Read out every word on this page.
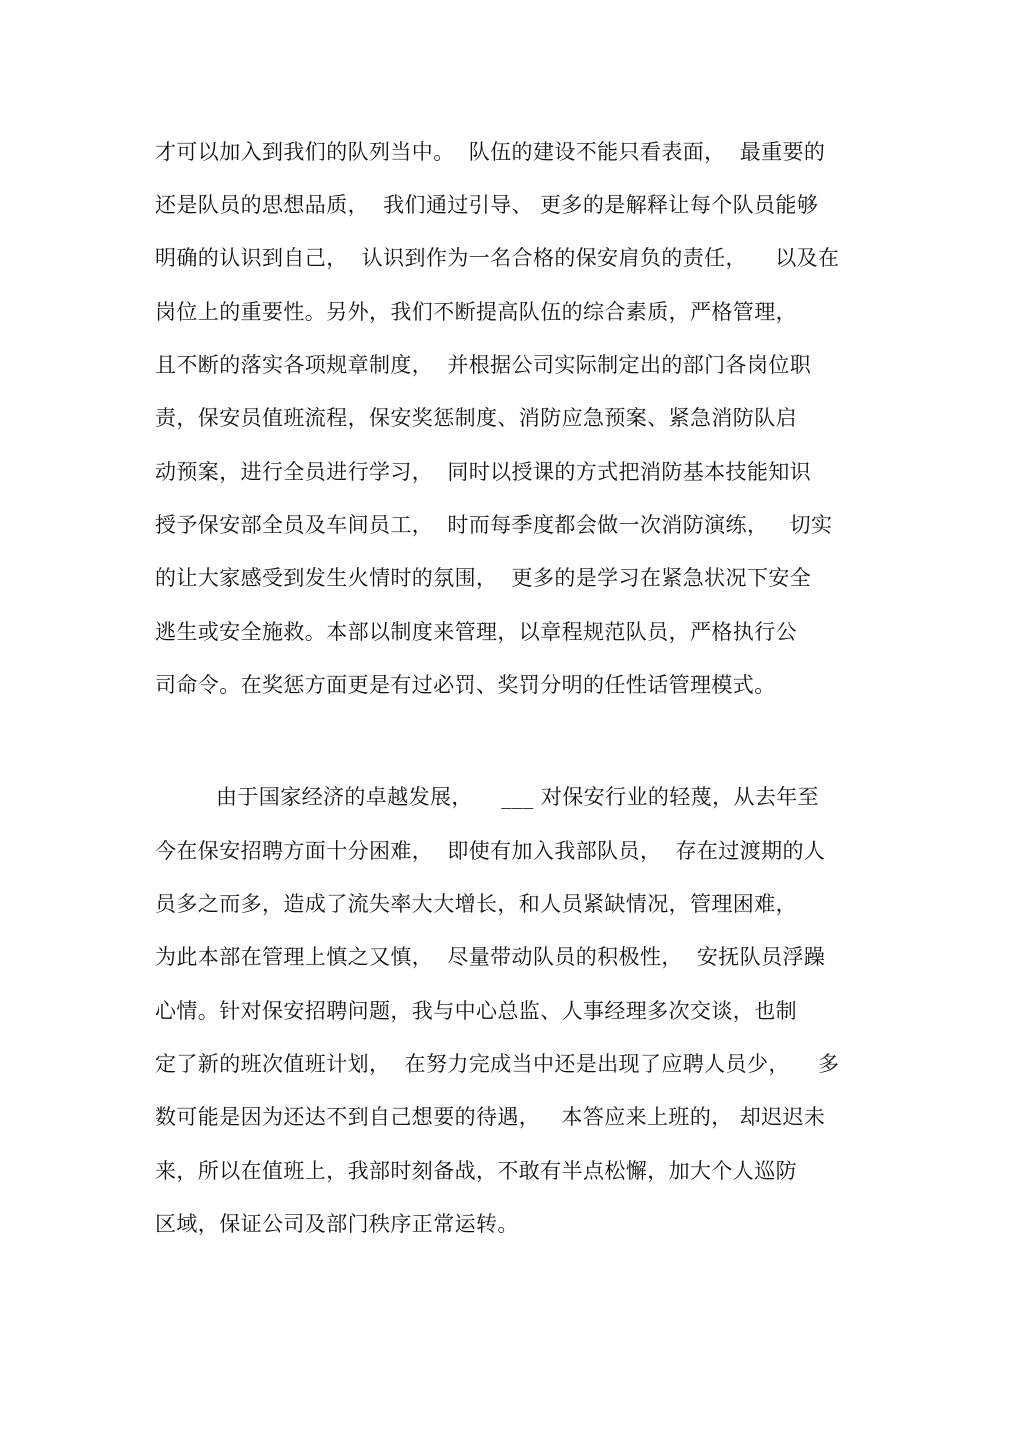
才可以加入到我们的队列当中。  队伍的建设不能只看表面，  最重要的
还是队员的思想品质，  我们通过引导、 更多的是解释让每个队员能够
明确的认识到自己，  认识到作为一名合格的保安肩负的责任，    以及在
岗位上的重要性。另外，我们不断提高队伍的综合素质，严格管理，
且不断的落实各项规章制度，  并根据公司实际制定出的部门各岗位职
责，保安员值班流程，保安奖惩制度、消防应急预案、紧急消防队启
动预案，进行全员进行学习，  同时以授课的方式把消防基本技能知识
授予保安部全员及车间员工，  时而每季度都会做一次消防演练，   切实
的让大家感受到发生火情时的氛围，  更多的是学习在紧急状况下安全
逃生或安全施救。本部以制度来管理，以章程规范队员，严格执行公
司命令。在奖惩方面更是有过必罚、奖罚分明的任性话管理模式。
由于国家经济的卓越发展，    ___ 对保安行业的轻蔑，从去年至
今在保安招聘方面十分困难，  即使有加入我部队员，  存在过渡期的人
员多之而多，造成了流失率大大增长，和人员紧缺情况，管理困难，
为此本部在管理上慎之又慎，  尽量带动队员的积极性，  安抚队员浮躁
心情。针对保安招聘问题，我与中心总监、人事经理多次交谈，也制
定了新的班次值班计划，  在努力完成当中还是出现了应聘人员少，    多
数可能是因为还达不到自己想要的待遇，   本答应来上班的， 却迟迟未
来，所以在值班上，我部时刻备战，不敢有半点松懈，加大个人巡防
区域，保证公司及部门秩序正常运转。
